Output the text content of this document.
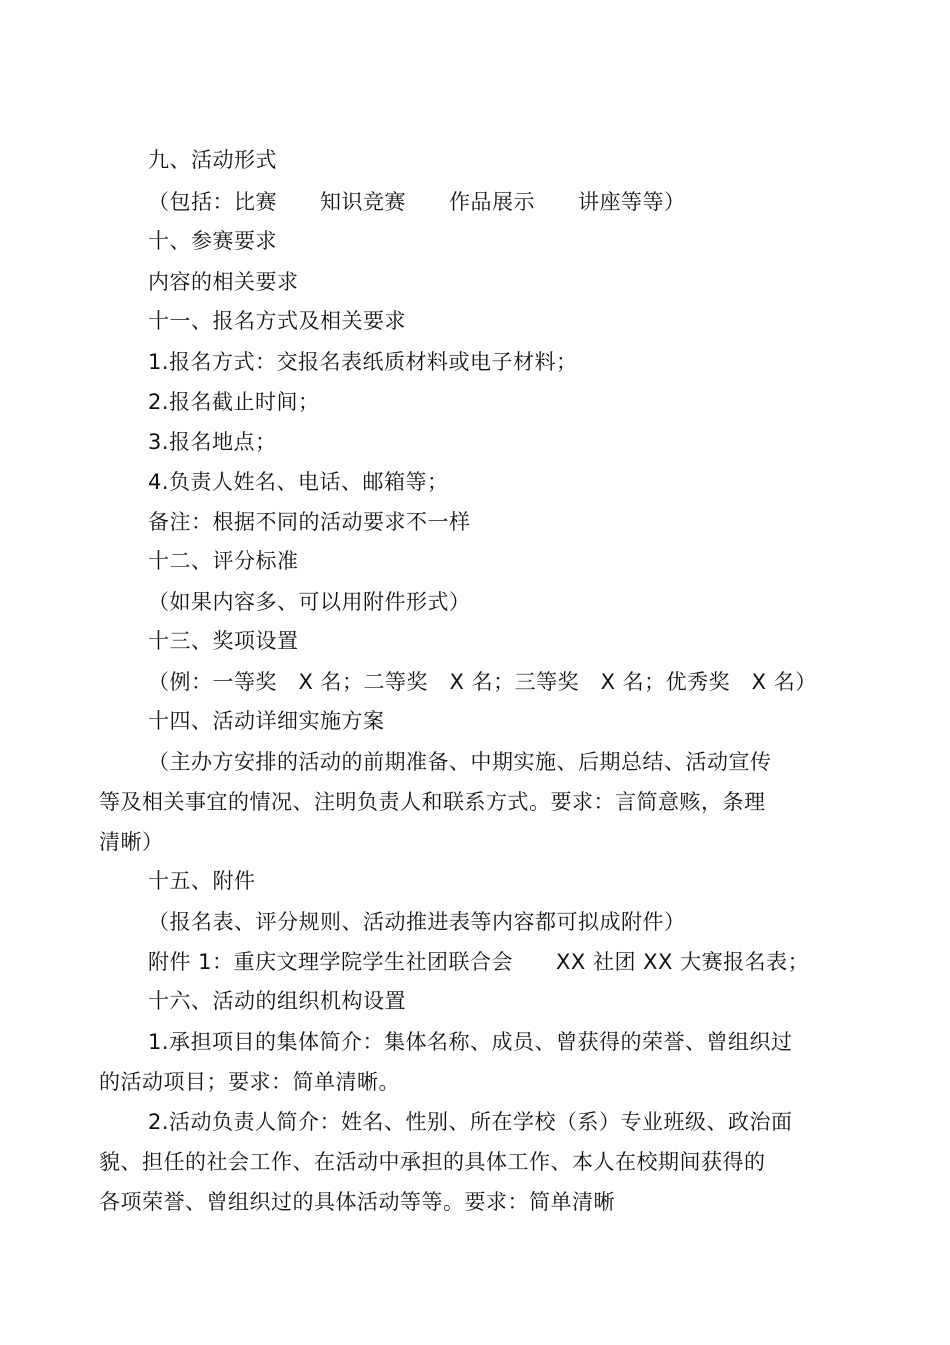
九、活动形式
（包括：比赛　　知识竞赛　　作品展示　　讲座等等）
十、参赛要求
内容的相关要求
十一、报名方式及相关要求
1.报名方式：交报名表纸质材料或电子材料；
2.报名截止时间；
3.报名地点；
4.负责人姓名、电话、邮箱等；
备注：根据不同的活动要求不一样
十二、评分标准
（如果内容多、可以用附件形式）
十三、奖项设置
（例：一等奖　X 名；二等奖　X 名；三等奖　X 名；优秀奖　X 名）
十四、活动详细实施方案
（主办方安排的活动的前期准备、中期实施、后期总结、活动宣传
等及相关事宜的情况、注明负责人和联系方式。要求：言简意赅，条理
清晰）
十五、附件
（报名表、评分规则、活动推进表等内容都可拟成附件）
附件 1：重庆文理学院学生社团联合会　　XX 社团 XX 大赛报名表；
十六、活动的组织机构设置
1.承担项目的集体简介：集体名称、成员、曾获得的荣誉、曾组织过
的活动项目；要求：简单清晰。
2.活动负责人简介：姓名、性别、所在学校（系）专业班级、政治面
貌、担任的社会工作、在活动中承担的具体工作、本人在校期间获得的
各项荣誉、曾组织过的具体活动等等。要求：简单清晰
